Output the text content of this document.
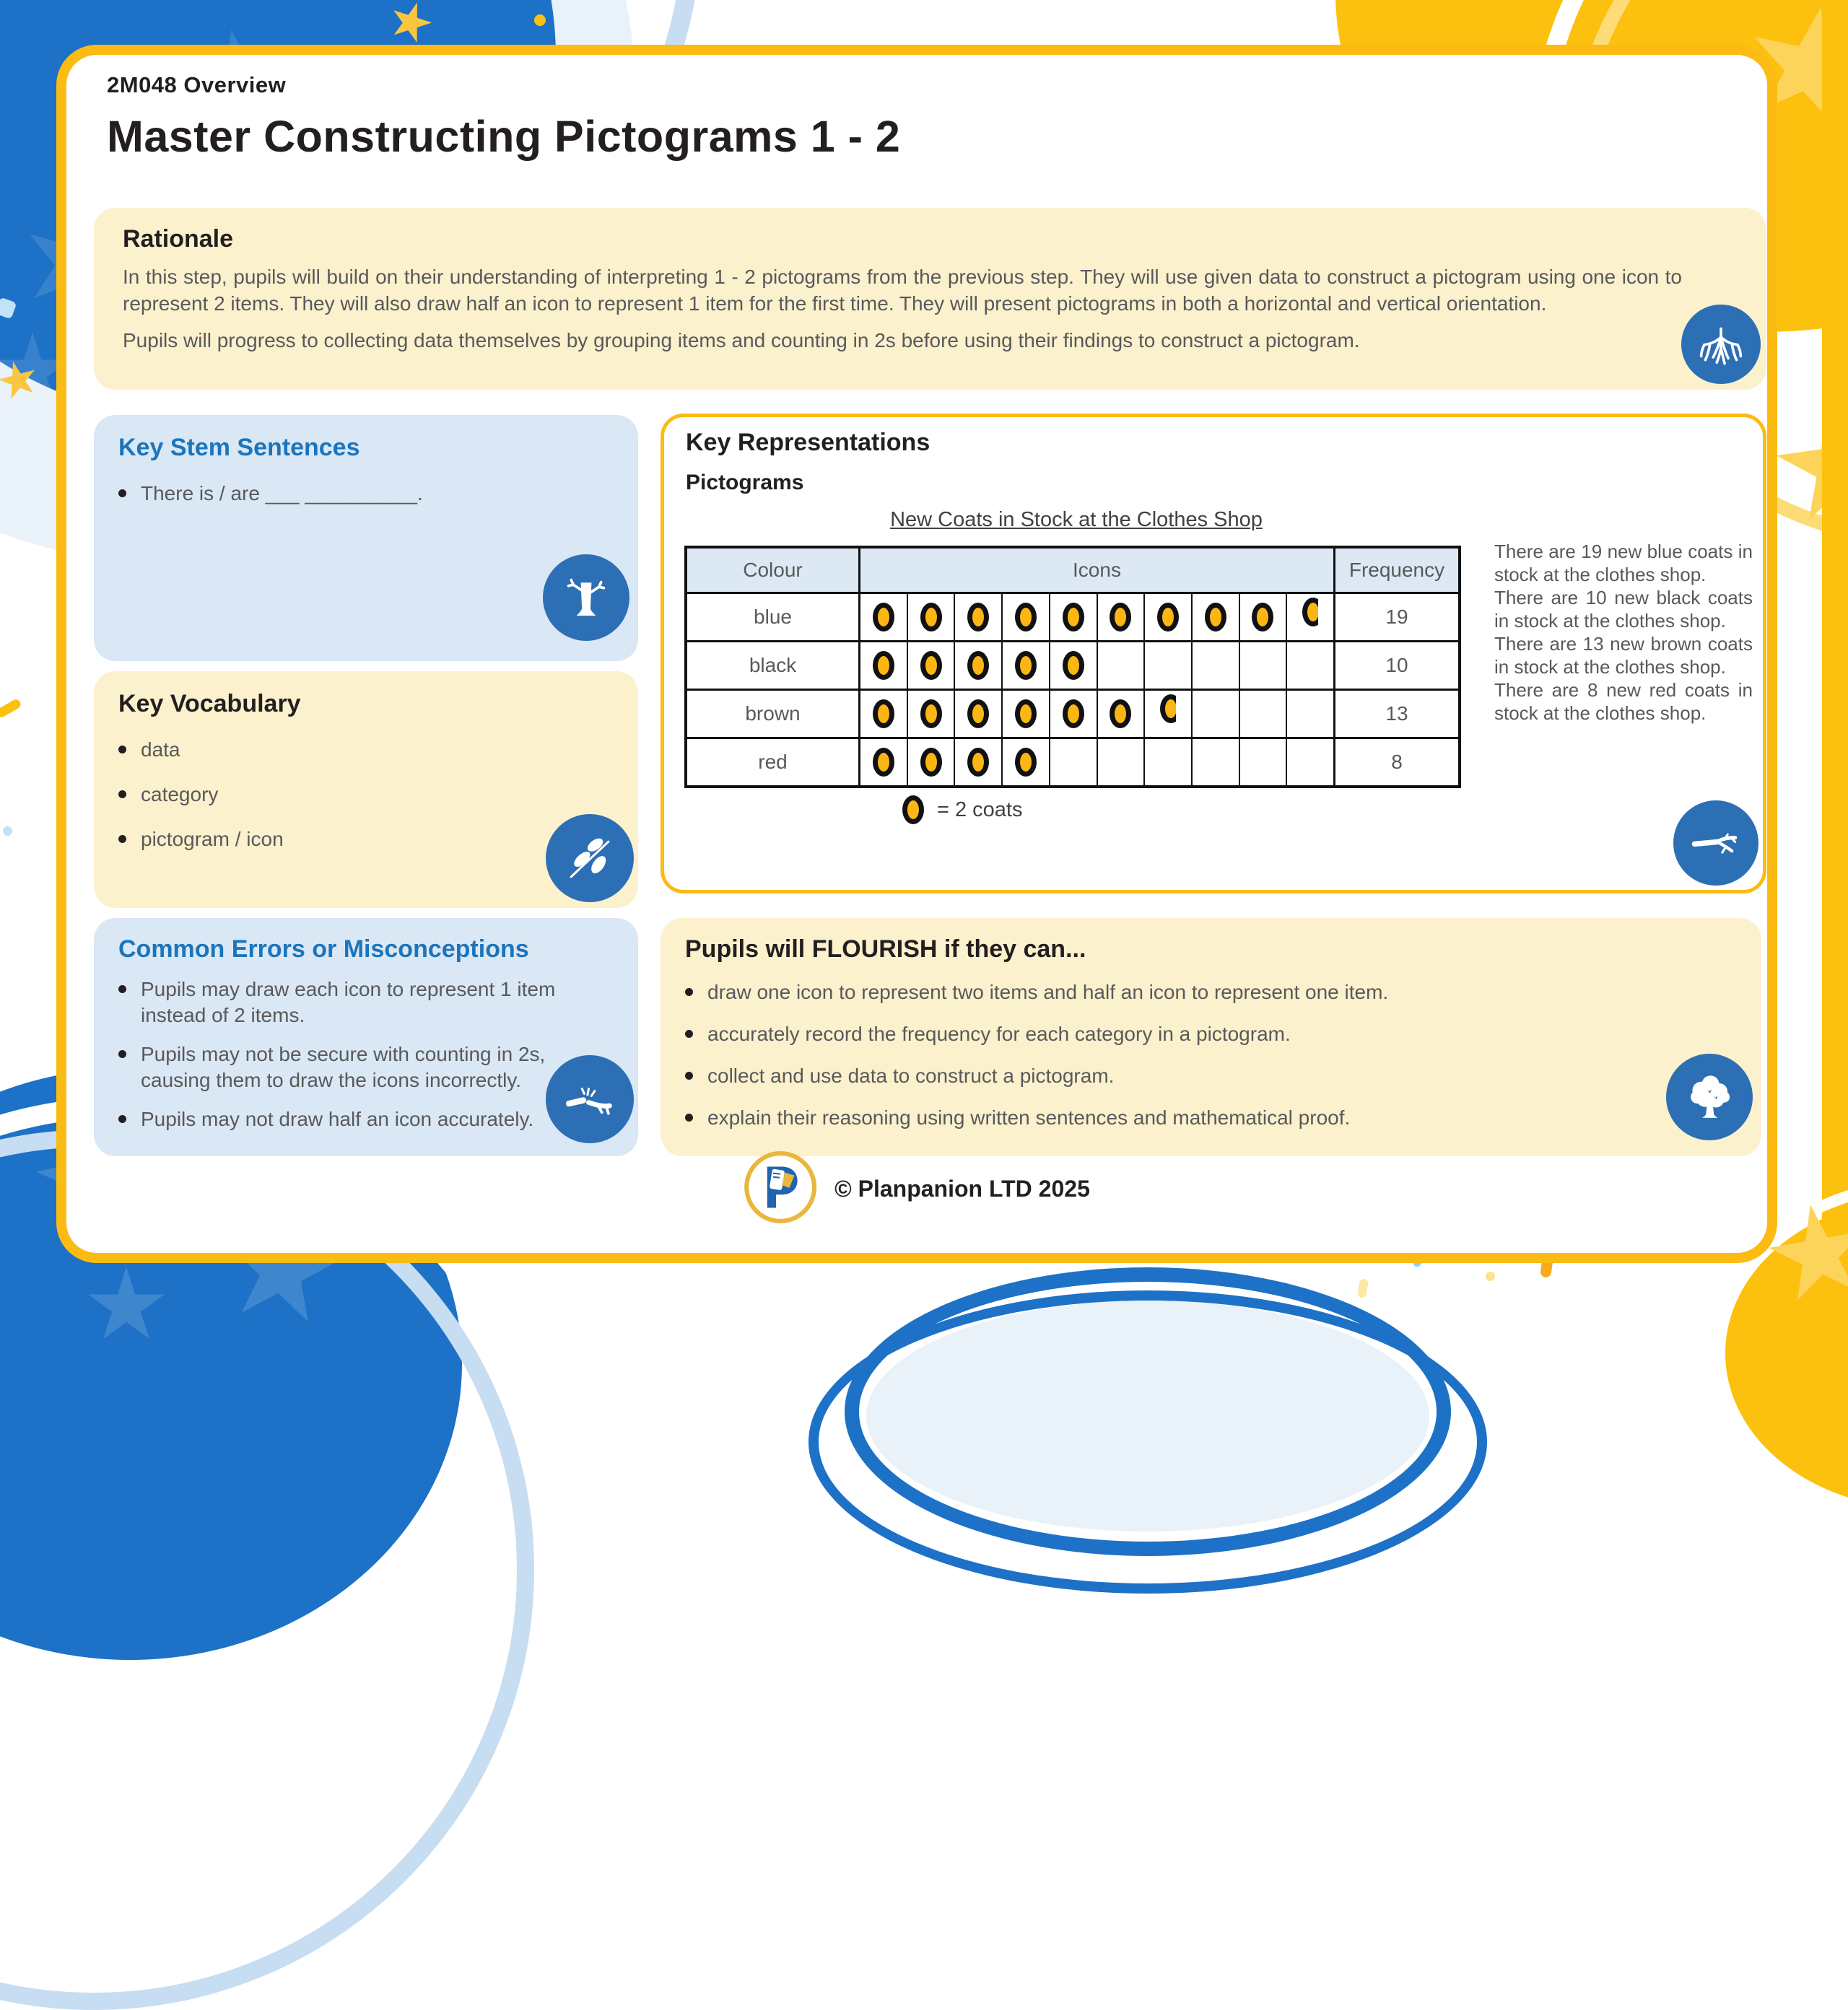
2M048 Overview
Master Constructing Pictograms 1 - 2
Rationale

In this step, pupils will build on their understanding of interpreting 1 - 2 pictograms from the previous step. They will use given data to construct a pictogram using one icon to represent 2 items. They will also draw half an icon to represent 1 item for the first time. They will present pictograms in both a horizontal and vertical orientation.

Pupils will progress to collecting data themselves by grouping items and counting in 2s before using their findings to construct a pictogram.

Key Stem Sentences
There is / are ___ __________.
Key Vocabulary
data
category
pictogram / icon
Common Errors or Misconceptions
Pupils may draw each icon to represent 1 item instead of 2 items.
Pupils may not be secure with counting in 2s, causing them to draw the icons incorrectly.
Pupils may not draw half an icon accurately.
Key Representations
Pictograms
New Coats in Stock at the Clothes Shop
Colour	Icons	Frequency
blue	19
black	10
brown	13
red	8
= 2 coats

There are 19 new blue coats in stock at the clothes shop.

There are 10 new black coats in stock at the clothes shop.

There are 13 new brown coats in stock at the clothes shop.

There are 8 new red coats in stock at the clothes shop.

Pupils will FLOURISH if they can...
draw one icon to represent two items and half an icon to represent one item.
accurately record the frequency for each category in a pictogram.
collect and use data to construct a pictogram.
explain their reasoning using written sentences and mathematical proof.
© Planpanion LTD 2025
